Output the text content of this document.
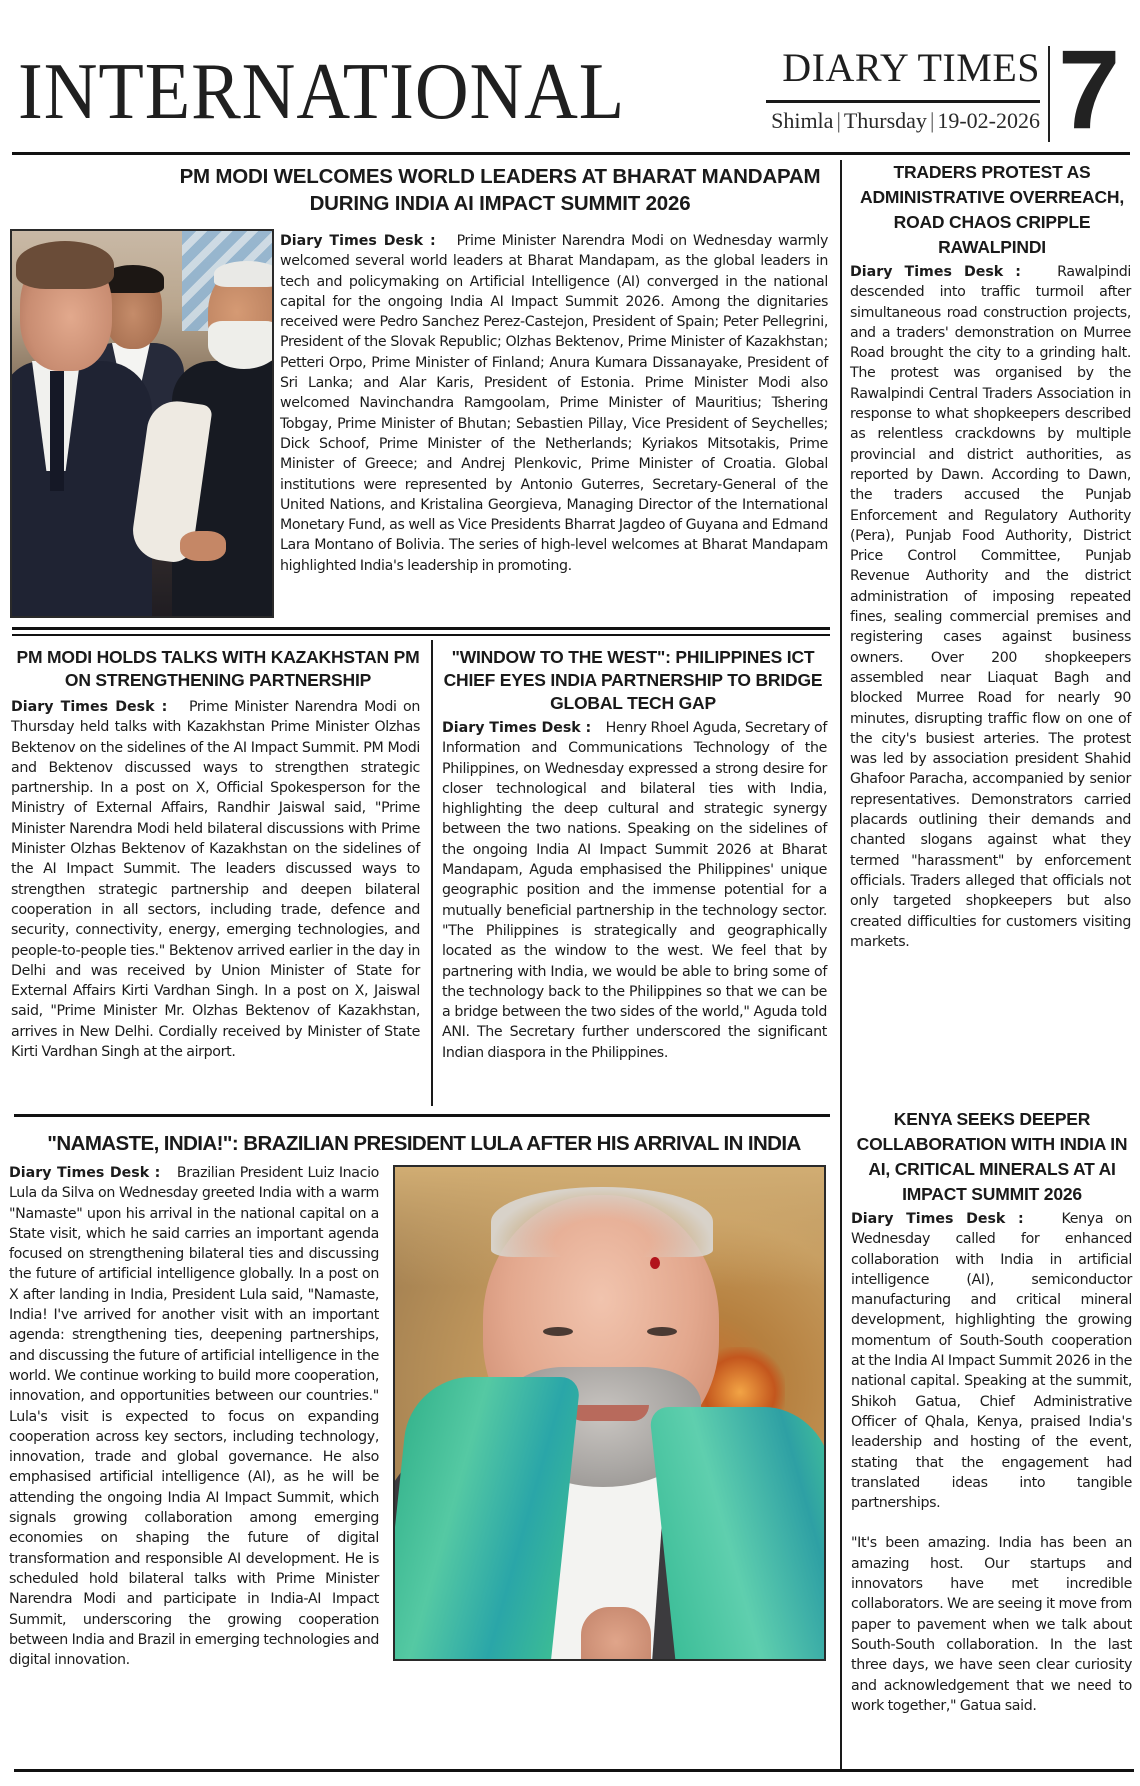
INTERNATIONAL	DIARY TIMES
Shimla | Thursday | 19-02-2026 7
PM MODI WELCOMES WORLD LEADERS AT BHARAT MANDAPAM DURING INDIA AI IMPACT SUMMIT 2026

Diary Times Desk : Prime Minister Narendra Modi on Wednesday warmly welcomed several world leaders at Bharat Mandapam, as the global leaders in tech and policymaking on Artificial Intelligence (AI) converged in the national capital for the ongoing India AI Impact Summit 2026. Among the dignitaries received were Pedro Sanchez Perez-Castejon, President of Spain; Peter Pellegrini, President of the Slovak Republic; Olzhas Bektenov, Prime Minister of Kazakhstan; Petteri Orpo, Prime Minister of Finland; Anura Kumara Dissanayake, President of Sri Lanka; and Alar Karis, President of Estonia. Prime Minister Modi also welcomed Navinchandra Ramgoolam, Prime Minister of Mauritius; Tshering Tobgay, Prime Minister of Bhutan; Sebastien Pillay, Vice President of Seychelles; Dick Schoof, Prime Minister of the Netherlands; Kyriakos Mitsotakis, Prime Minister of Greece; and Andrej Plenkovic, Prime Minister of Croatia. Global institutions were represented by Antonio Guterres, Secretary-General of the United Nations, and Kristalina Georgieva, Managing Director of the International Monetary Fund, as well as Vice Presidents Bharrat Jagdeo of Guyana and Edmand Lara Montano of Bolivia. The series of high-level welcomes at Bharat Mandapam highlighted India's leadership in promoting.

PM MODI HOLDS TALKS WITH KAZAKHSTAN PM ON STRENGTHENING PARTNERSHIP

Diary Times Desk : Prime Minister Narendra Modi on Thursday held talks with Kazakhstan Prime Minister Olzhas Bektenov on the sidelines of the AI Impact Summit. PM Modi and Bektenov discussed ways to strengthen strategic partnership. In a post on X, Official Spokesperson for the Ministry of External Affairs, Randhir Jaiswal said, "Prime Minister Narendra Modi held bilateral discussions with Prime Minister Olzhas Bektenov of Kazakhstan on the sidelines of the AI Impact Summit. The leaders discussed ways to strengthen strategic partnership and deepen bilateral cooperation in all sectors, including trade, defence and security, connectivity, energy, emerging technologies, and people-to-people ties." Bektenov arrived earlier in the day in Delhi and was received by Union Minister of State for External Affairs Kirti Vardhan Singh. In a post on X, Jaiswal said, "Prime Minister Mr. Olzhas Bektenov of Kazakhstan, arrives in New Delhi. Cordially received by Minister of State Kirti Vardhan Singh at the airport.

"WINDOW TO THE WEST": PHILIPPINES ICT CHIEF EYES INDIA PARTNERSHIP TO BRIDGE GLOBAL TECH GAP

Diary Times Desk : Henry Rhoel Aguda, Secretary of Information and Communications Technology of the Philippines, on Wednesday expressed a strong desire for closer technological and bilateral ties with India, highlighting the deep cultural and strategic synergy between the two nations. Speaking on the sidelines of the ongoing India AI Impact Summit 2026 at Bharat Mandapam, Aguda emphasised the Philippines' unique geographic position and the immense potential for a mutually beneficial partnership in the technology sector. "The Philippines is strategically and geographically located as the window to the west. We feel that by partnering with India, we would be able to bring some of the technology back to the Philippines so that we can be a bridge between the two sides of the world," Aguda told ANI. The Secretary further underscored the significant Indian diaspora in the Philippines.

"NAMASTE, INDIA!": BRAZILIAN PRESIDENT LULA AFTER HIS ARRIVAL IN INDIA

Diary Times Desk : Brazilian President Luiz Inacio Lula da Silva on Wednesday greeted India with a warm "Namaste" upon his arrival in the national capital on a State visit, which he said carries an important agenda focused on strengthening bilateral ties and discussing the future of artificial intelligence globally. In a post on X after landing in India, President Lula said, "Namaste, India! I've arrived for another visit with an important agenda: strengthening ties, deepening partnerships, and discussing the future of artificial intelligence in the world. We continue working to build more cooperation, innovation, and opportunities between our countries." Lula's visit is expected to focus on expanding cooperation across key sectors, including technology, innovation, trade and global governance. He also emphasised artificial intelligence (AI), as he will be attending the ongoing India AI Impact Summit, which signals growing collaboration among emerging economies on shaping the future of digital transformation and responsible AI development. He is scheduled hold bilateral talks with Prime Minister Narendra Modi and participate in India-AI Impact Summit, underscoring the growing cooperation between India and Brazil in emerging technologies and digital innovation.

TRADERS PROTEST AS ADMINISTRATIVE OVERREACH, ROAD CHAOS CRIPPLE RAWALPINDI

Diary Times Desk :	Rawalpindi descended into traffic turmoil after simultaneous road construction projects, and a traders' demonstration on Murree Road brought the city to a grinding halt. The protest was organised by the Rawalpindi Central Traders Association in response to what shopkeepers described as relentless crackdowns by multiple provincial and district authorities, as reported by Dawn. According to Dawn, the traders accused the Punjab Enforcement and Regulatory Authority (Pera), Punjab Food Authority, District Price Control Committee, Punjab Revenue Authority and the district administration of imposing repeated fines, sealing commercial premises and registering cases against business owners. Over 200 shopkeepers assembled near Liaquat Bagh and blocked Murree Road for nearly 90 minutes, disrupting traffic flow on one of the city's busiest arteries. The protest was led by association president Shahid Ghafoor Paracha, accompanied by senior representatives. Demonstrators carried placards outlining their demands and chanted slogans against what they termed "harassment" by enforcement officials. Traders alleged that officials not only targeted shopkeepers but also created difficulties for customers visiting markets.

KENYA SEEKS DEEPER COLLABORATION WITH INDIA IN AI, CRITICAL MINERALS AT AI IMPACT SUMMIT 2026

Diary Times Desk :	Kenya on Wednesday called for enhanced collaboration with India in artificial intelligence (AI), semiconductor manufacturing and critical mineral development, highlighting the growing momentum of South-South cooperation at the India AI Impact Summit 2026 in the national capital. Speaking at the summit, Shikoh Gatua, Chief Administrative Officer of Qhala, Kenya, praised India's leadership and hosting of the event, stating that the engagement had translated ideas into tangible partnerships.

"It's been amazing. India has been an amazing host. Our startups and innovators have met incredible collaborators. We are seeing it move from paper to pavement when we talk about South-South collaboration. In the last three days, we have seen clear curiosity and acknowledgement that we need to work together," Gatua said.
